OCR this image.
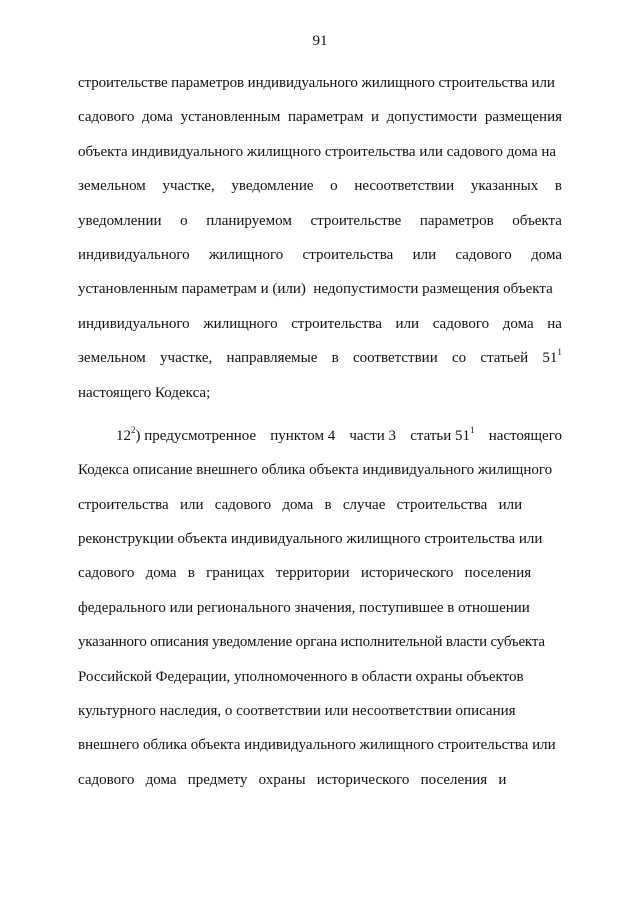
91
строительстве параметров индивидуального жилищного строительства или
садового дома установленным параметрам и допустимости размещения
объекта индивидуального жилищного строительства или садового дома на
земельном участке, уведомление о несоответствии указанных в
уведомлении о планируемом строительстве параметров объекта
индивидуального жилищного строительства или садового дома
установленным параметрам и (или)  недопустимости размещения объекта
индивидуального жилищного строительства или садового дома на
земельном участке, направляемые в соответствии со статьей $51^1$
настоящего Кодекса;
$12^2$) предусмотренное пунктом 4 части 3 статьи $51^1$ настоящего
Кодекса описание внешнего облика объекта индивидуального жилищного
строительства   или   садового   дома   в   случае   строительства   или
реконструкции объекта индивидуального жилищного строительства или
садового   дома   в   границах   территории   исторического   поселения
федерального или регионального значения, поступившее в отношении
указанного описания уведомление органа исполнительной власти субъекта
Российской Федерации, уполномоченного в области охраны объектов
культурного наследия, о соответствии или несоответствии описания
внешнего облика объекта индивидуального жилищного строительства или
садового   дома   предмету   охраны   исторического   поселения   и
